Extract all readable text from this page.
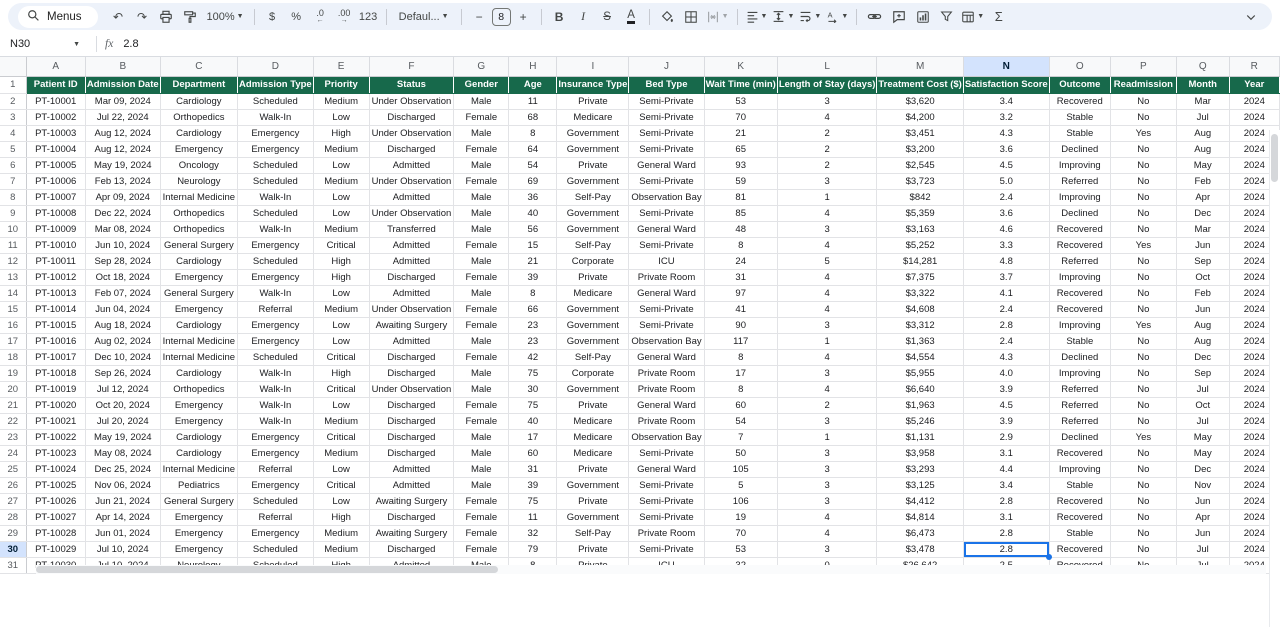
Menus	↶ ↷	100% ▼ $ % .0
←
.00
→ 123 Defaul... ▼ − 8 + B I S A	▼	▼	▼	▼ A ▼	▼ Σ
N30	▼ fx 2.8
	A	B	C	D	E	F	G	H	I	J	K	L	M	N	O	P	Q	R
1	Patient ID	Admission Date	Department	Admission Type	Priority	Status	Gender	Age	Insurance Type	Bed Type	Wait Time (min)	Length of Stay (days)	Treatment Cost ($)	Satisfaction Score	Outcome	Readmission	Month	Year
2	PT-10001	Mar 09, 2024	Cardiology	Scheduled	Medium	Under Observation	Male	11	Private	Semi-Private	53	3	$3,620	3.4	Recovered	No	Mar	2024
3	PT-10002	Jul 22, 2024	Orthopedics	Walk-In	Low	Discharged	Female	68	Medicare	Semi-Private	70	4	$4,200	3.2	Stable	No	Jul	2024
4	PT-10003	Aug 12, 2024	Cardiology	Emergency	High	Under Observation	Male	8	Government	Semi-Private	21	2	$3,451	4.3	Stable	Yes	Aug	2024
5	PT-10004	Aug 12, 2024	Emergency	Emergency	Medium	Discharged	Female	64	Government	Semi-Private	65	2	$3,200	3.6	Declined	No	Aug	2024
6	PT-10005	May 19, 2024	Oncology	Scheduled	Low	Admitted	Male	54	Private	General Ward	93	2	$2,545	4.5	Improving	No	May	2024
7	PT-10006	Feb 13, 2024	Neurology	Scheduled	Medium	Under Observation	Female	69	Government	Semi-Private	59	3	$3,723	5.0	Referred	No	Feb	2024
8	PT-10007	Apr 09, 2024	Internal Medicine	Walk-In	Low	Admitted	Male	36	Self-Pay	Observation Bay	81	1	$842	2.4	Improving	No	Apr	2024
9	PT-10008	Dec 22, 2024	Orthopedics	Scheduled	Low	Under Observation	Male	40	Government	Semi-Private	85	4	$5,359	3.6	Declined	No	Dec	2024
10	PT-10009	Mar 08, 2024	Orthopedics	Walk-In	Medium	Transferred	Male	56	Government	General Ward	48	3	$3,163	4.6	Recovered	No	Mar	2024
11	PT-10010	Jun 10, 2024	General Surgery	Emergency	Critical	Admitted	Female	15	Self-Pay	Semi-Private	8	4	$5,252	3.3	Recovered	Yes	Jun	2024
12	PT-10011	Sep 28, 2024	Cardiology	Scheduled	High	Admitted	Male	21	Corporate	ICU	24	5	$14,281	4.8	Referred	No	Sep	2024
13	PT-10012	Oct 18, 2024	Emergency	Emergency	High	Discharged	Female	39	Private	Private Room	31	4	$7,375	3.7	Improving	No	Oct	2024
14	PT-10013	Feb 07, 2024	General Surgery	Walk-In	Low	Admitted	Male	8	Medicare	General Ward	97	4	$3,322	4.1	Recovered	No	Feb	2024
15	PT-10014	Jun 04, 2024	Emergency	Referral	Medium	Under Observation	Female	66	Government	Semi-Private	41	4	$4,608	2.4	Recovered	No	Jun	2024
16	PT-10015	Aug 18, 2024	Cardiology	Emergency	Low	Awaiting Surgery	Female	23	Government	Semi-Private	90	3	$3,312	2.8	Improving	Yes	Aug	2024
17	PT-10016	Aug 02, 2024	Internal Medicine	Emergency	Low	Admitted	Male	23	Government	Observation Bay	117	1	$1,363	2.4	Stable	No	Aug	2024
18	PT-10017	Dec 10, 2024	Internal Medicine	Scheduled	Critical	Discharged	Female	42	Self-Pay	General Ward	8	4	$4,554	4.3	Declined	No	Dec	2024
19	PT-10018	Sep 26, 2024	Cardiology	Walk-In	High	Discharged	Male	75	Corporate	Private Room	17	3	$5,955	4.0	Improving	No	Sep	2024
20	PT-10019	Jul 12, 2024	Orthopedics	Walk-In	Critical	Under Observation	Male	30	Government	Private Room	8	4	$6,640	3.9	Referred	No	Jul	2024
21	PT-10020	Oct 20, 2024	Emergency	Walk-In	Low	Discharged	Female	75	Private	General Ward	60	2	$1,963	4.5	Referred	No	Oct	2024
22	PT-10021	Jul 20, 2024	Emergency	Walk-In	Medium	Discharged	Female	40	Medicare	Private Room	54	3	$5,246	3.9	Referred	No	Jul	2024
23	PT-10022	May 19, 2024	Cardiology	Emergency	Critical	Discharged	Male	17	Medicare	Observation Bay	7	1	$1,131	2.9	Declined	Yes	May	2024
24	PT-10023	May 08, 2024	Cardiology	Emergency	Medium	Discharged	Male	60	Medicare	Semi-Private	50	3	$3,958	3.1	Recovered	No	May	2024
25	PT-10024	Dec 25, 2024	Internal Medicine	Referral	Low	Admitted	Male	31	Private	General Ward	105	3	$3,293	4.4	Improving	No	Dec	2024
26	PT-10025	Nov 06, 2024	Pediatrics	Emergency	Critical	Admitted	Male	39	Government	Semi-Private	5	3	$3,125	3.4	Stable	No	Nov	2024
27	PT-10026	Jun 21, 2024	General Surgery	Scheduled	Low	Awaiting Surgery	Female	75	Private	Semi-Private	106	3	$4,412	2.8	Recovered	No	Jun	2024
28	PT-10027	Apr 14, 2024	Emergency	Referral	High	Discharged	Female	11	Government	Semi-Private	19	4	$4,814	3.1	Recovered	No	Apr	2024
29	PT-10028	Jun 01, 2024	Emergency	Emergency	Medium	Awaiting Surgery	Female	32	Self-Pay	Private Room	70	4	$6,473	2.8	Stable	No	Jun	2024
30	PT-10029	Jul 10, 2024	Emergency	Scheduled	Medium	Discharged	Female	79	Private	Semi-Private	53	3	$3,478	2.8	Recovered	No	Jul	2024
31																		
